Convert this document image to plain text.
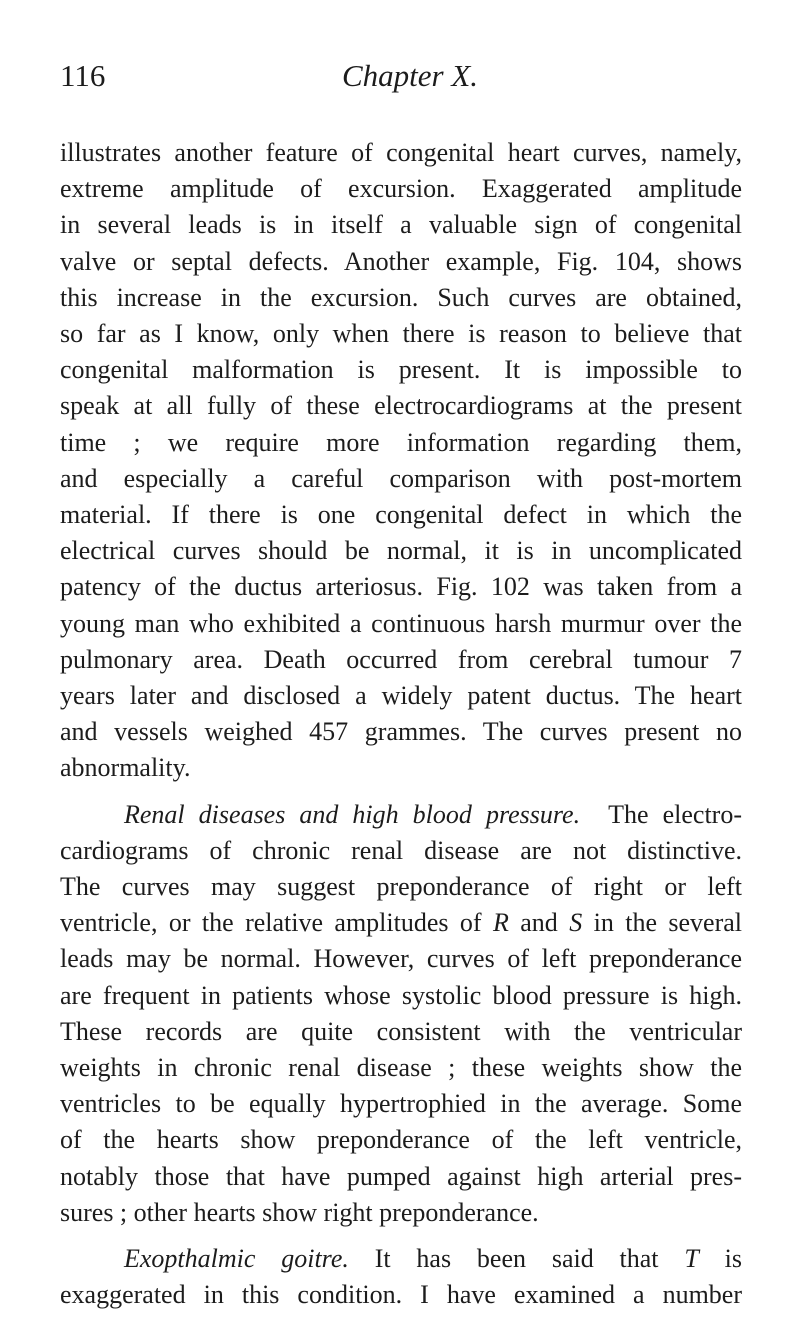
116	Chapter X.
illustrates another feature of congenital heart curves, namely,
extreme amplitude of excursion. Exaggerated amplitude
in several leads is in itself a valuable sign of congenital
valve or septal defects. Another example, Fig. 104, shows
this increase in the excursion. Such curves are obtained,
so far as I know, only when there is reason to believe that
congenital malformation is present. It is impossible to
speak at all fully of these electrocardiograms at the present
time ; we require more information regarding them,
and especially a careful comparison with post-mortem
material. If there is one congenital defect in which the
electrical curves should be normal, it is in uncomplicated
patency of the ductus arteriosus. Fig. 102 was taken from a
young man who exhibited a continuous harsh murmur over the
pulmonary area. Death occurred from cerebral tumour 7
years later and disclosed a widely patent ductus. The heart
and vessels weighed 457 grammes. The curves present no
abnormality.
Renal diseases and high blood pressure. The electro-
cardiograms of chronic renal disease are not distinctive.
The curves may suggest preponderance of right or left
ventricle, or the relative amplitudes of R and S in the several
leads may be normal. However, curves of left preponderance
are frequent in patients whose systolic blood pressure is high.
These records are quite consistent with the ventricular
weights in chronic renal disease ; these weights show the
ventricles to be equally hypertrophied in the average. Some
of the hearts show preponderance of the left ventricle,
notably those that have pumped against high arterial pres-
sures ; other hearts show right preponderance.
Exopthalmic goitre. It has been said that T is
exaggerated in this condition. I have examined a number
